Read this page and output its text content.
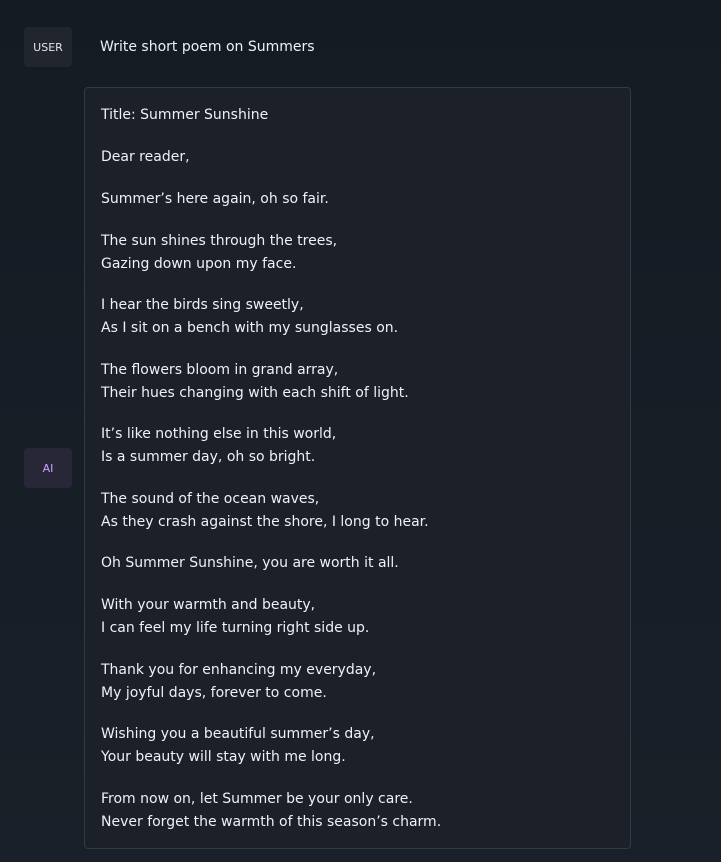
USER	Write short poem on Summers
AI
Title: Summer Sunshine
Dear reader,
Summer’s here again, oh so fair.
The sun shines through the trees,
Gazing down upon my face.
I hear the birds sing sweetly,
As I sit on a bench with my sunglasses on.
The flowers bloom in grand array,
Their hues changing with each shift of light.
It’s like nothing else in this world,
Is a summer day, oh so bright.
The sound of the ocean waves,
As they crash against the shore, I long to hear.
Oh Summer Sunshine, you are worth it all.
With your warmth and beauty,
I can feel my life turning right side up.
Thank you for enhancing my everyday,
My joyful days, forever to come.
Wishing you a beautiful summer’s day,
Your beauty will stay with me long.
From now on, let Summer be your only care.
Never forget the warmth of this season’s charm.
